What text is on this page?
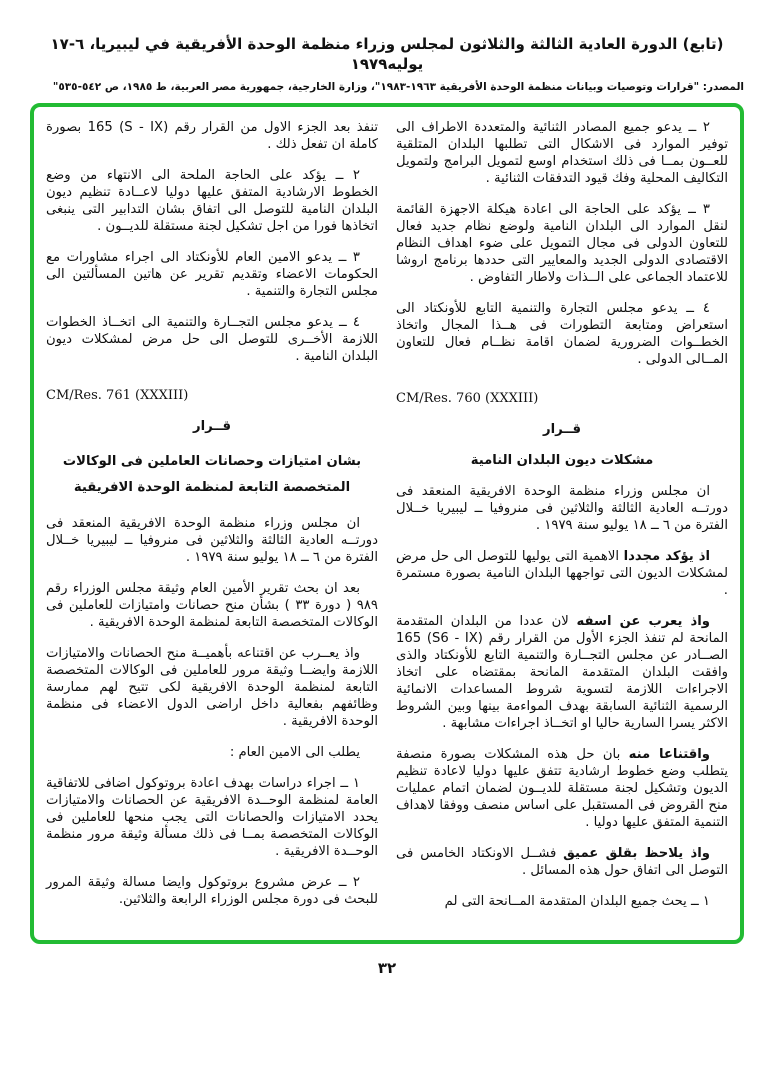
(تابع) الدورة العادية الثالثة والثلاثون لمجلس وزراء منظمة الوحدة الأفريقية في ليبيريا، ٦-١٧ يوليه١٩٧٩
المصدر: "قرارات وتوصيات وبيانات منظمة الوحدة الأفريقية ١٩٦٣-١٩٨٣"، وزارة الخارجية، جمهورية مصر العربية، ط ١٩٨٥، ص ٥٤٢-٥٣٥"
٢ ــ يدعو جميع المصادر الثنائية والمتعددة الاطراف الى توفير الموارد فى الاشكال التى تطلبها البلدان المتلقية للعــون بمــا فى ذلك استخدام اوسع لتمويل البرامج ولتمويل التكاليف المحلية وفك قيود التدفقات الثنائية .
٣ ــ يؤكد على الحاجة الى اعادة هيكلة الاجهزة القائمة لنقل الموارد الى البلدان النامية ولوضع نظام جديد فعال للتعاون الدولى فى مجال التمويل على ضوء اهداف النظام الاقتصادى الدولى الجديد والمعايير التى حددها برنامج اروشا للاعتماد الجماعى على الــذات ولاطار التفاوض .
٤ ــ يدعو مجلس التجارة والتنمية التابع للأونكتاد الى استعراض ومتابعة التطورات فى هــذا المجال واتخاذ الخطــوات الضرورية لضمان اقامة نظــام فعال للتعاون المــالى الدولى .
CM/Res. 760 (XXXIII)
قــرار
مشكلات ديون البلدان النامية
ان مجلس وزراء منظمة الوحدة الافريقية المنعقد فى دورتــه العادية الثالثة والثلاثين فى منروفيا ــ ليبيريا خــلال الفترة من ٦ ــ ١٨ يوليو سنة ١٩٧٩ .
اذ يؤكد مجددا الاهمية التى يوليها للتوصل الى حل مرض لمشكلات الديون التى تواجهها البلدان النامية بصورة مستمرة .
واذ يعرب عن اسفه لان عددا من البلدان المتقدمة المانحة لم تنفذ الجزء الأول من القرار رقم (S6 - IX) 165 الصــادر عن مجلس التجــارة والتنمية التابع للأونكتاد والذى وافقت البلدان المتقدمة المانحة بمقتضاه على اتخاذ الاجراءات اللازمة لتسوية شروط المساعدات الانمائية الرسمية الثنائية السابقة بهدف المواءمة بينها وبين الشروط الاكثر يسرا السارية حاليا او اتخــاذ اجراءات مشابهة .
واقتناعا منه بان حل هذه المشكلات بصورة منصفة يتطلب وضع خطوط ارشادية تتفق عليها دوليا لاعادة تنظيم الديون وتشكيل لجنة مستقلة للديــون لضمان اتمام عمليات منح القروض فى المستقبل على اساس منصف ووفقا لاهداف التنمية المتفق عليها دوليا .
واذ يلاحظ بقلق عميق فشــل الاونكتاد الخامس فى التوصل الى اتفاق حول هذه المسائل .
١ ــ يحث جميع البلدان المتقدمة المــانحة التى لم
تنفذ بعد الجزء الاول من القرار رقم (S - IX) 165 بصورة كاملة ان تفعل ذلك .
٢ ــ يؤكد على الحاجة الملحة الى الانتهاء من وضع الخطوط الارشادية المتفق عليها دوليا لاعــادة تنظيم ديون البلدان النامية للتوصل الى اتفاق بشان التدابير التى ينبغى اتخاذها فورا من اجل تشكيل لجنة مستقلة للديــون .
٣ ــ يدعو الامين العام للأونكتاد الى اجراء مشاورات مع الحكومات الاعضاء وتقديم تقرير عن هاتين المسألتين الى مجلس التجارة والتنمية .
٤ ــ يدعو مجلس التجــارة والتنمية الى اتخــاذ الخطوات اللازمة الأخــرى للتوصل الى حل مرض لمشكلات ديون البلدان النامية .
CM/Res. 761 (XXXIII)
قــرار
بشان امتيازات وحصانات العاملين فى الوكالات المتخصصة التابعة لمنظمة الوحدة الافريقية
ان مجلس وزراء منظمة الوحدة الافريقية المنعقد فى دورتــه العادية الثالثة والثلاثين فى منروفيا ــ ليبيريا خــلال الفترة من ٦ ــ ١٨ يوليو سنة ١٩٧٩ .
بعد ان بحث تقرير الأمين العام وثيقة مجلس الوزراء رقم ٩٨٩ ( دورة ٣٣ ) بشأن منح حصانات وامتيازات للعاملين فى الوكالات المتخصصة التابعة لمنظمة الوحدة الافريقية .
واذ يعــرب عن اقتناعه بأهميــة منح الحصانات والامتيازات اللازمة وايضــا وثيقة مرور للعاملين فى الوكالات المتخصصة التابعة لمنظمة الوحدة الافريقية لكى تتيح لهم ممارسة وظائفهم بفعالية داخل اراضى الدول الاعضاء فى منظمة الوحدة الافريقية .
يطلب الى الامين العام :
١ ــ اجراء دراسات بهدف اعادة بروتوكول اضافى للاتفاقية العامة لمنظمة الوحــدة الافريقية عن الحصانات والامتيازات يحدد الامتيازات والحصانات التى يجب منحها للعاملين فى الوكالات المتخصصة بمــا فى ذلك مسألة وثيقة مرور منظمة الوحــدة الافريقية .
٢ ــ عرض مشروع بروتوكول وايضا مسالة وثيقة المرور للبحث فى دورة مجلس الوزراء الرابعة والثلاثين.
٣٢
